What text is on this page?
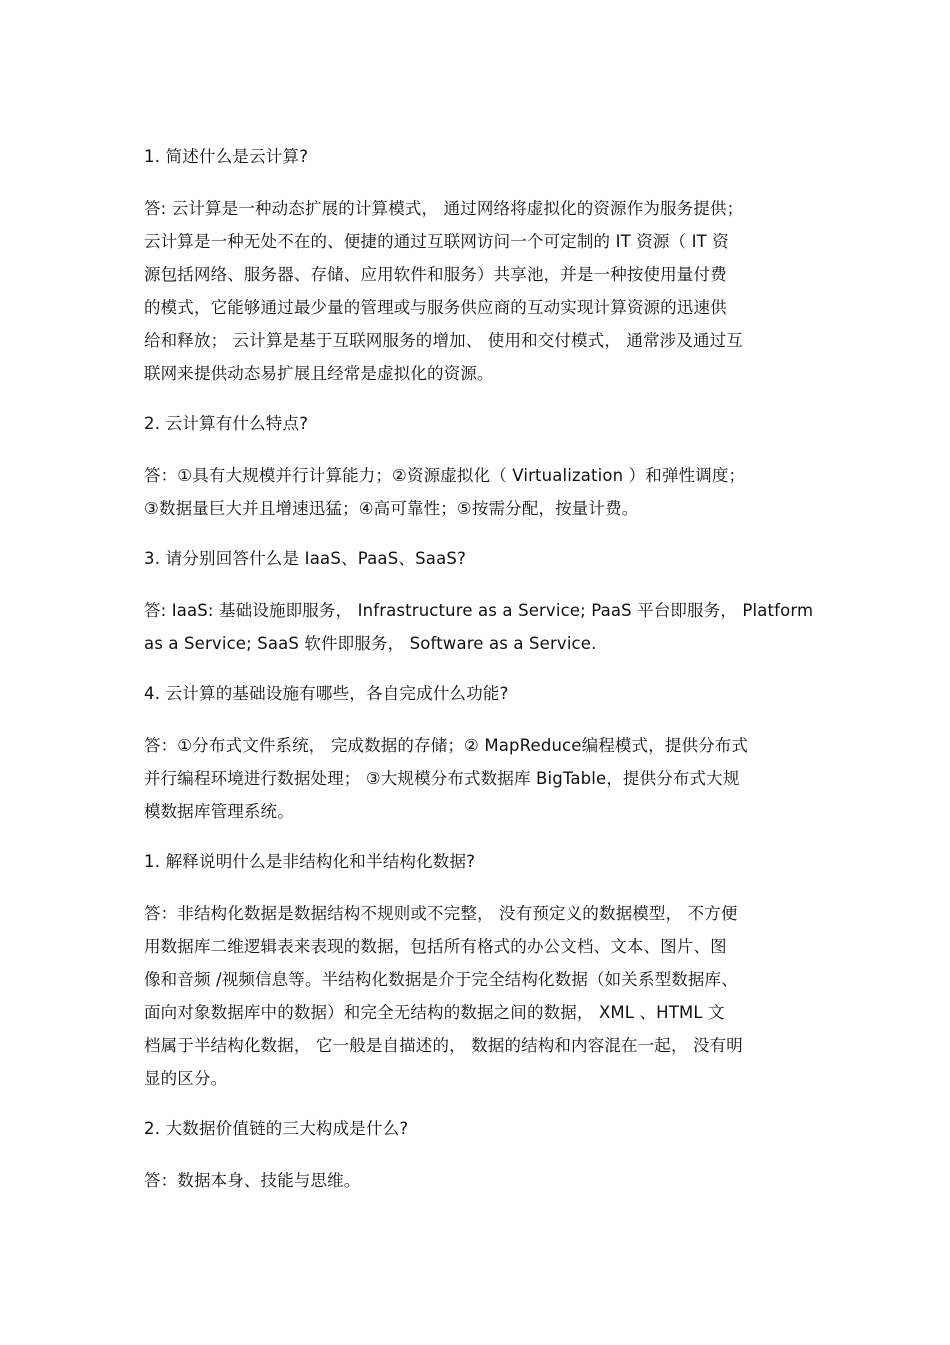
1. 简述什么是云计算?

答: 云计算是一种动态扩展的计算模式， 通过网络将虚拟化的资源作为服务提供；
云计算是一种无处不在的、便捷的通过互联网访问一个可定制的 IT 资源（ IT 资
源包括网络、服务器、存储、应用软件和服务）共享池，并是一种按使用量付费
的模式，它能够通过最少量的管理或与服务供应商的互动实现计算资源的迅速供
给和释放； 云计算是基于互联网服务的增加、 使用和交付模式， 通常涉及通过互
联网来提供动态易扩展且经常是虚拟化的资源。

2. 云计算有什么特点?

答：①具有大规模并行计算能力；②资源虚拟化（ Virtualization ）和弹性调度；
③数据量巨大并且增速迅猛；④高可靠性；⑤按需分配，按量计费。

3. 请分别回答什么是 IaaS、PaaS、SaaS?

答: IaaS: 基础设施即服务， Infrastructure as a Service; PaaS 平台即服务， Platform
as a Service; SaaS 软件即服务， Software as a Service.

4. 云计算的基础设施有哪些，各自完成什么功能?

答：①分布式文件系统， 完成数据的存储；② MapReduce编程模式，提供分布式
并行编程环境进行数据处理； ③大规模分布式数据库 BigTable，提供分布式大规
模数据库管理系统。

1. 解释说明什么是非结构化和半结构化数据?

答：非结构化数据是数据结构不规则或不完整， 没有预定义的数据模型， 不方便
用数据库二维逻辑表来表现的数据，包括所有格式的办公文档、文本、图片、图
像和音频 /视频信息等。半结构化数据是介于完全结构化数据（如关系型数据库、
面向对象数据库中的数据）和完全无结构的数据之间的数据， XML 、HTML 文
档属于半结构化数据， 它一般是自描述的， 数据的结构和内容混在一起， 没有明
显的区分。

2. 大数据价值链的三大构成是什么?

答：数据本身、技能与思维。
